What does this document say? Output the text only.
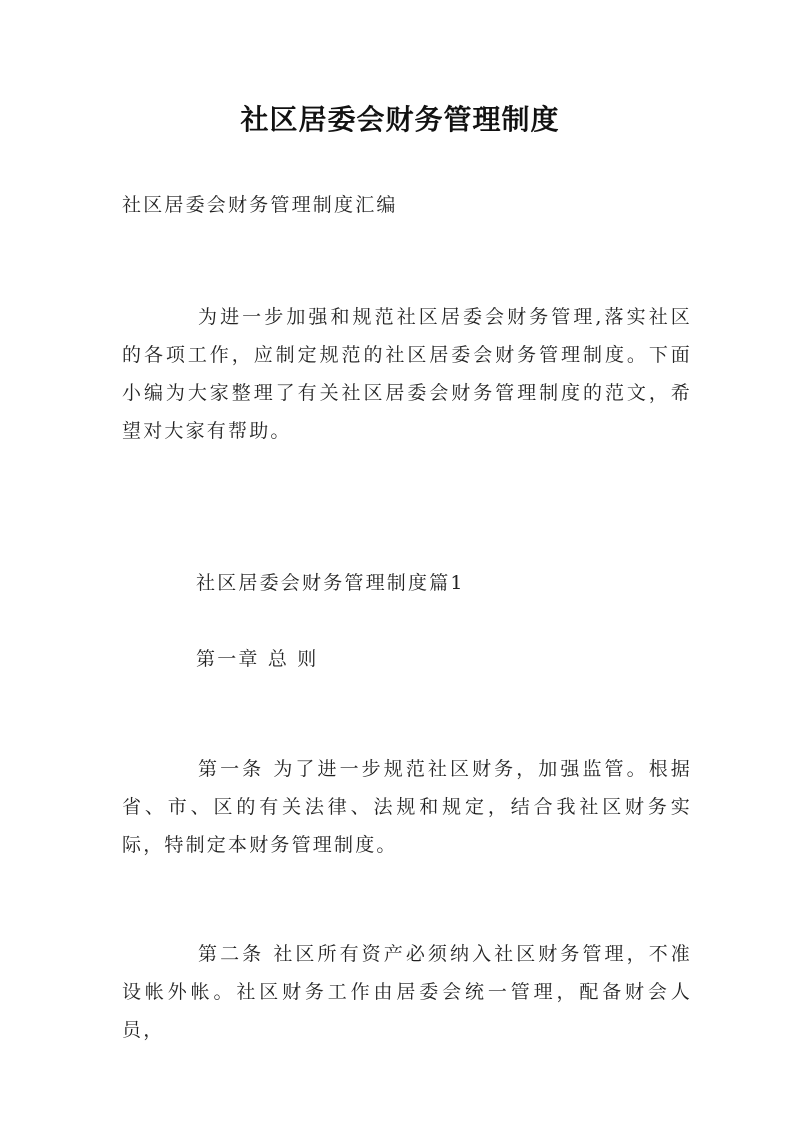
社区居委会财务管理制度
社区居委会财务管理制度汇编
为进一步加强和规范社区居委会财务管理,落实社区的各项工作，应制定规范的社区居委会财务管理制度。下面小编为大家整理了有关社区居委会财务管理制度的范文，希望对大家有帮助。
社区居委会财务管理制度篇1
第一章 总 则
第一条 为了进一步规范社区财务，加强监管。根据省、市、区的有关法律、法规和规定，结合我社区财务实际，特制定本财务管理制度。
第二条 社区所有资产必须纳入社区财务管理，不准设帐外帐。社区财务工作由居委会统一管理，配备财会人员，
